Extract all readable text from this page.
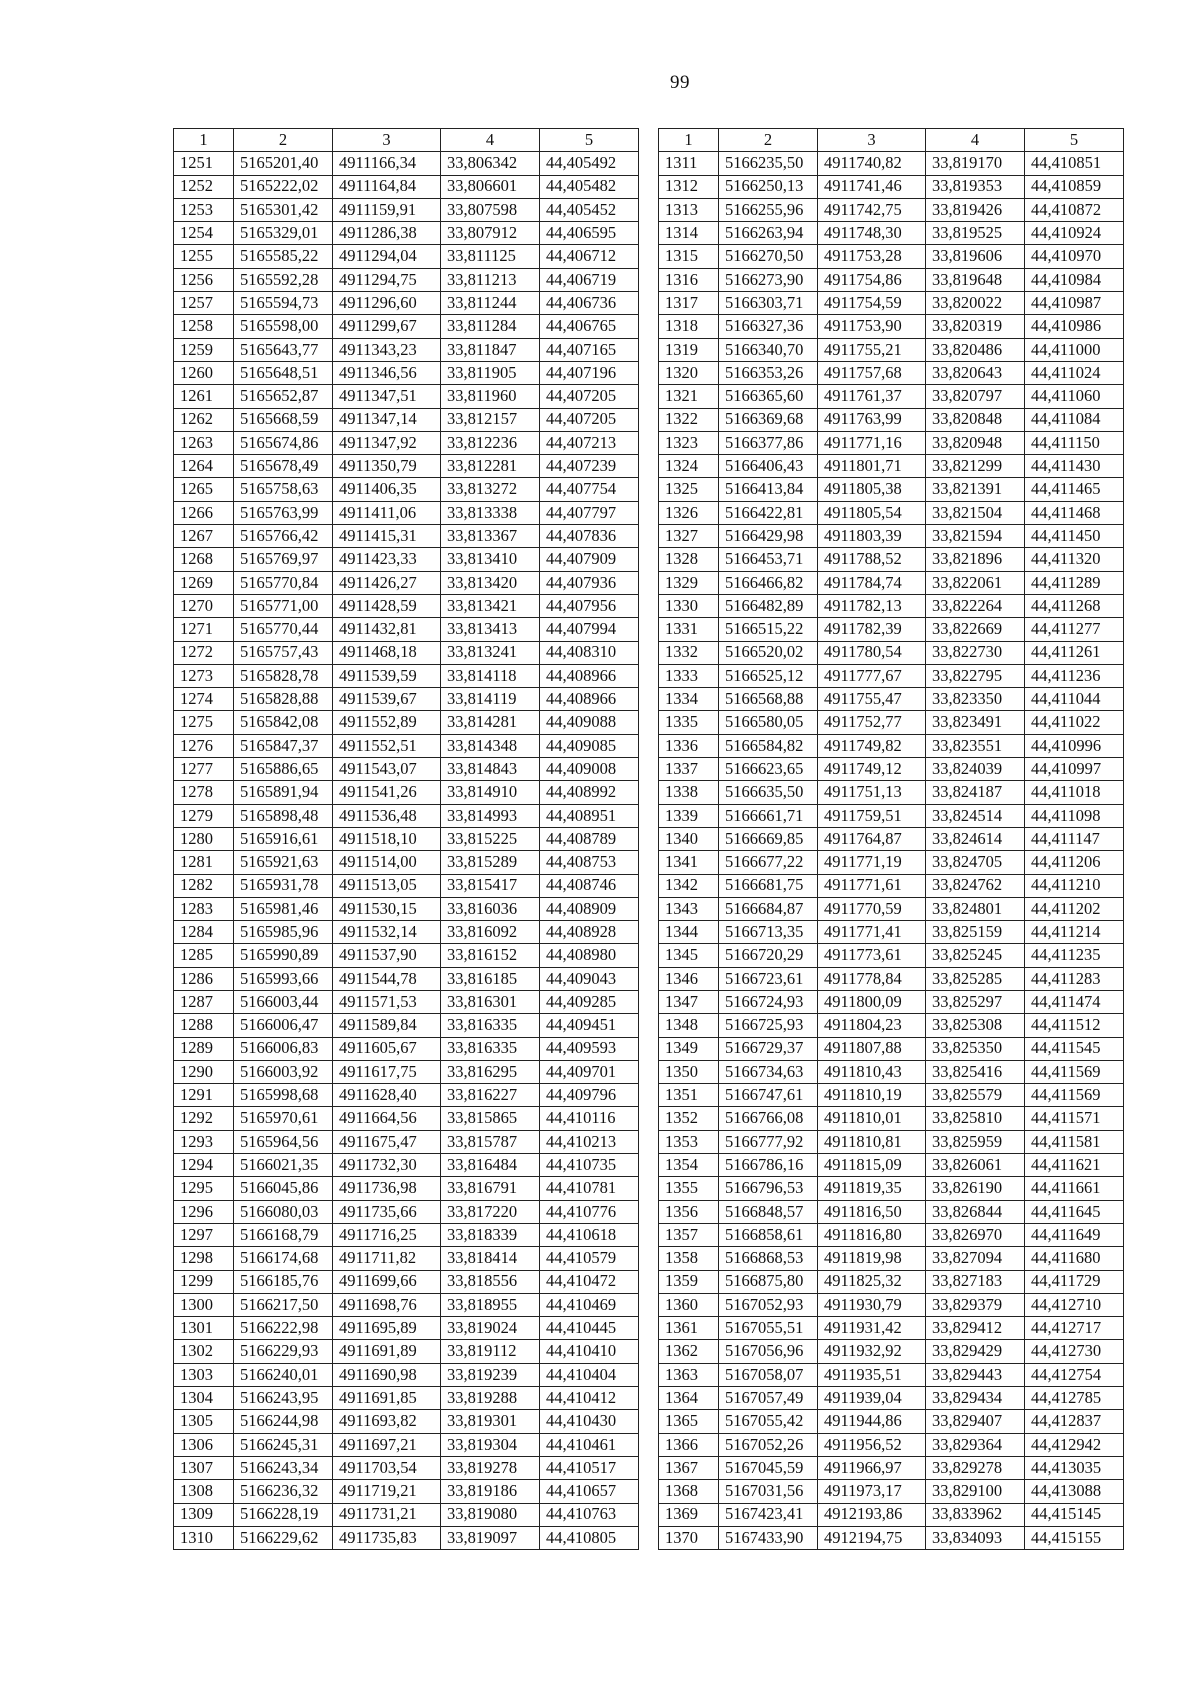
99
1	2	3	4	5
1251	5165201,40	4911166,34	33,806342	44,405492
1252	5165222,02	4911164,84	33,806601	44,405482
1253	5165301,42	4911159,91	33,807598	44,405452
1254	5165329,01	4911286,38	33,807912	44,406595
1255	5165585,22	4911294,04	33,811125	44,406712
1256	5165592,28	4911294,75	33,811213	44,406719
1257	5165594,73	4911296,60	33,811244	44,406736
1258	5165598,00	4911299,67	33,811284	44,406765
1259	5165643,77	4911343,23	33,811847	44,407165
1260	5165648,51	4911346,56	33,811905	44,407196
1261	5165652,87	4911347,51	33,811960	44,407205
1262	5165668,59	4911347,14	33,812157	44,407205
1263	5165674,86	4911347,92	33,812236	44,407213
1264	5165678,49	4911350,79	33,812281	44,407239
1265	5165758,63	4911406,35	33,813272	44,407754
1266	5165763,99	4911411,06	33,813338	44,407797
1267	5165766,42	4911415,31	33,813367	44,407836
1268	5165769,97	4911423,33	33,813410	44,407909
1269	5165770,84	4911426,27	33,813420	44,407936
1270	5165771,00	4911428,59	33,813421	44,407956
1271	5165770,44	4911432,81	33,813413	44,407994
1272	5165757,43	4911468,18	33,813241	44,408310
1273	5165828,78	4911539,59	33,814118	44,408966
1274	5165828,88	4911539,67	33,814119	44,408966
1275	5165842,08	4911552,89	33,814281	44,409088
1276	5165847,37	4911552,51	33,814348	44,409085
1277	5165886,65	4911543,07	33,814843	44,409008
1278	5165891,94	4911541,26	33,814910	44,408992
1279	5165898,48	4911536,48	33,814993	44,408951
1280	5165916,61	4911518,10	33,815225	44,408789
1281	5165921,63	4911514,00	33,815289	44,408753
1282	5165931,78	4911513,05	33,815417	44,408746
1283	5165981,46	4911530,15	33,816036	44,408909
1284	5165985,96	4911532,14	33,816092	44,408928
1285	5165990,89	4911537,90	33,816152	44,408980
1286	5165993,66	4911544,78	33,816185	44,409043
1287	5166003,44	4911571,53	33,816301	44,409285
1288	5166006,47	4911589,84	33,816335	44,409451
1289	5166006,83	4911605,67	33,816335	44,409593
1290	5166003,92	4911617,75	33,816295	44,409701
1291	5165998,68	4911628,40	33,816227	44,409796
1292	5165970,61	4911664,56	33,815865	44,410116
1293	5165964,56	4911675,47	33,815787	44,410213
1294	5166021,35	4911732,30	33,816484	44,410735
1295	5166045,86	4911736,98	33,816791	44,410781
1296	5166080,03	4911735,66	33,817220	44,410776
1297	5166168,79	4911716,25	33,818339	44,410618
1298	5166174,68	4911711,82	33,818414	44,410579
1299	5166185,76	4911699,66	33,818556	44,410472
1300	5166217,50	4911698,76	33,818955	44,410469
1301	5166222,98	4911695,89	33,819024	44,410445
1302	5166229,93	4911691,89	33,819112	44,410410
1303	5166240,01	4911690,98	33,819239	44,410404
1304	5166243,95	4911691,85	33,819288	44,410412
1305	5166244,98	4911693,82	33,819301	44,410430
1306	5166245,31	4911697,21	33,819304	44,410461
1307	5166243,34	4911703,54	33,819278	44,410517
1308	5166236,32	4911719,21	33,819186	44,410657
1309	5166228,19	4911731,21	33,819080	44,410763
1310	5166229,62	4911735,83	33,819097	44,410805
1	2	3	4	5
1311	5166235,50	4911740,82	33,819170	44,410851
1312	5166250,13	4911741,46	33,819353	44,410859
1313	5166255,96	4911742,75	33,819426	44,410872
1314	5166263,94	4911748,30	33,819525	44,410924
1315	5166270,50	4911753,28	33,819606	44,410970
1316	5166273,90	4911754,86	33,819648	44,410984
1317	5166303,71	4911754,59	33,820022	44,410987
1318	5166327,36	4911753,90	33,820319	44,410986
1319	5166340,70	4911755,21	33,820486	44,411000
1320	5166353,26	4911757,68	33,820643	44,411024
1321	5166365,60	4911761,37	33,820797	44,411060
1322	5166369,68	4911763,99	33,820848	44,411084
1323	5166377,86	4911771,16	33,820948	44,411150
1324	5166406,43	4911801,71	33,821299	44,411430
1325	5166413,84	4911805,38	33,821391	44,411465
1326	5166422,81	4911805,54	33,821504	44,411468
1327	5166429,98	4911803,39	33,821594	44,411450
1328	5166453,71	4911788,52	33,821896	44,411320
1329	5166466,82	4911784,74	33,822061	44,411289
1330	5166482,89	4911782,13	33,822264	44,411268
1331	5166515,22	4911782,39	33,822669	44,411277
1332	5166520,02	4911780,54	33,822730	44,411261
1333	5166525,12	4911777,67	33,822795	44,411236
1334	5166568,88	4911755,47	33,823350	44,411044
1335	5166580,05	4911752,77	33,823491	44,411022
1336	5166584,82	4911749,82	33,823551	44,410996
1337	5166623,65	4911749,12	33,824039	44,410997
1338	5166635,50	4911751,13	33,824187	44,411018
1339	5166661,71	4911759,51	33,824514	44,411098
1340	5166669,85	4911764,87	33,824614	44,411147
1341	5166677,22	4911771,19	33,824705	44,411206
1342	5166681,75	4911771,61	33,824762	44,411210
1343	5166684,87	4911770,59	33,824801	44,411202
1344	5166713,35	4911771,41	33,825159	44,411214
1345	5166720,29	4911773,61	33,825245	44,411235
1346	5166723,61	4911778,84	33,825285	44,411283
1347	5166724,93	4911800,09	33,825297	44,411474
1348	5166725,93	4911804,23	33,825308	44,411512
1349	5166729,37	4911807,88	33,825350	44,411545
1350	5166734,63	4911810,43	33,825416	44,411569
1351	5166747,61	4911810,19	33,825579	44,411569
1352	5166766,08	4911810,01	33,825810	44,411571
1353	5166777,92	4911810,81	33,825959	44,411581
1354	5166786,16	4911815,09	33,826061	44,411621
1355	5166796,53	4911819,35	33,826190	44,411661
1356	5166848,57	4911816,50	33,826844	44,411645
1357	5166858,61	4911816,80	33,826970	44,411649
1358	5166868,53	4911819,98	33,827094	44,411680
1359	5166875,80	4911825,32	33,827183	44,411729
1360	5167052,93	4911930,79	33,829379	44,412710
1361	5167055,51	4911931,42	33,829412	44,412717
1362	5167056,96	4911932,92	33,829429	44,412730
1363	5167058,07	4911935,51	33,829443	44,412754
1364	5167057,49	4911939,04	33,829434	44,412785
1365	5167055,42	4911944,86	33,829407	44,412837
1366	5167052,26	4911956,52	33,829364	44,412942
1367	5167045,59	4911966,97	33,829278	44,413035
1368	5167031,56	4911973,17	33,829100	44,413088
1369	5167423,41	4912193,86	33,833962	44,415145
1370	5167433,90	4912194,75	33,834093	44,415155
